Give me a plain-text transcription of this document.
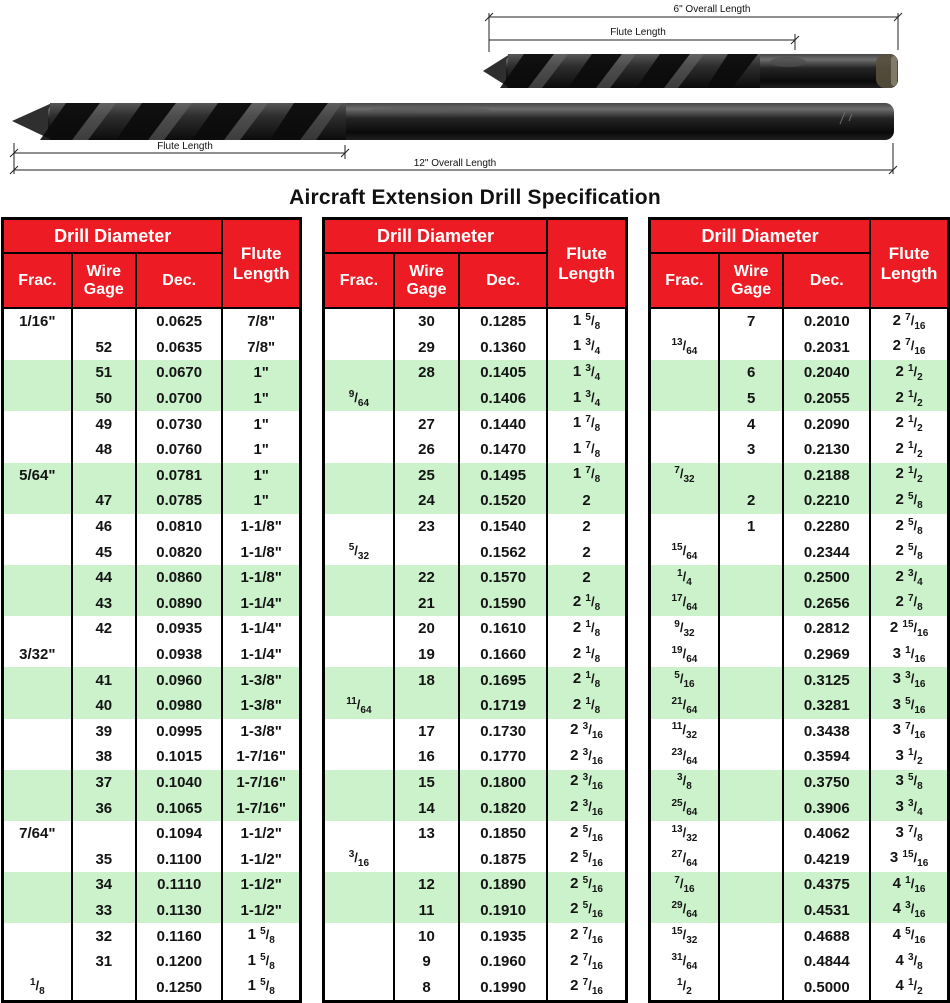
6" Overall Length
Flute Length
Flute Length
12" Overall Length
Aircraft Extension Drill Specification
Drill Diameter			Flute Length
Frac.	Wire Gage	Dec.	
1/16"		0.0625	7/8"
	52	0.0635	7/8"
	51	0.0670	1"
	50	0.0700	1"
	49	0.0730	1"
	48	0.0760	1"
5/64"		0.0781	1"
	47	0.0785	1"
	46	0.0810	1-1/8"
	45	0.0820	1-1/8"
	44	0.0860	1-1/8"
	43	0.0890	1-1/4"
	42	0.0935	1-1/4"
3/32"		0.0938	1-1/4"
	41	0.0960	1-3/8"
	40	0.0980	1-3/8"
	39	0.0995	1-3/8"
	38	0.1015	1-7/16"
	37	0.1040	1-7/16"
	36	0.1065	1-7/16"
7/64"		0.1094	1-1/2"
	35	0.1100	1-1/2"
	34	0.1110	1-1/2"
	33	0.1130	1-1/2"
	32	0.1160	1 $^5/_8$
	31	0.1200	1 $^5/_8$
$^1/_8$		0.1250	1 $^5/_8$
Drill Diameter			Flute Length
Frac.	Wire Gage	Dec.	
	30	0.1285	1 $^5/_8$
	29	0.1360	1 $^3/_4$
	28	0.1405	1 $^3/_4$
$^9/_{64}$		0.1406	1 $^3/_4$
	27	0.1440	1 $^7/_8$
	26	0.1470	1 $^7/_8$
	25	0.1495	1 $^7/_8$
	24	0.1520	2
	23	0.1540	2
$^5/_{32}$		0.1562	2
	22	0.1570	2
	21	0.1590	2 $^1/_8$
	20	0.1610	2 $^1/_8$
	19	0.1660	2 $^1/_8$
	18	0.1695	2 $^1/_8$
$^{11}/_{64}$		0.1719	2 $^1/_8$
	17	0.1730	2 $^3/_{16}$
	16	0.1770	2 $^3/_{16}$
	15	0.1800	2 $^3/_{16}$
	14	0.1820	2 $^3/_{16}$
	13	0.1850	2 $^5/_{16}$
$^3/_{16}$		0.1875	2 $^5/_{16}$
	12	0.1890	2 $^5/_{16}$
	11	0.1910	2 $^5/_{16}$
	10	0.1935	2 $^7/_{16}$
	9	0.1960	2 $^7/_{16}$
	8	0.1990	2 $^7/_{16}$
Drill Diameter			Flute Length
Frac.	Wire Gage	Dec.	
	7	0.2010	2 $^7/_{16}$
$^{13}/_{64}$		0.2031	2 $^7/_{16}$
	6	0.2040	2 $^1/_2$
	5	0.2055	2 $^1/_2$
	4	0.2090	2 $^1/_2$
	3	0.2130	2 $^1/_2$
$^7/_{32}$		0.2188	2 $^1/_2$
	2	0.2210	2 $^5/_8$
	1	0.2280	2 $^5/_8$
$^{15}/_{64}$		0.2344	2 $^5/_8$
$^1/_4$		0.2500	2 $^3/_4$
$^{17}/_{64}$		0.2656	2 $^7/_8$
$^9/_{32}$		0.2812	2 $^{15}/_{16}$
$^{19}/_{64}$		0.2969	3 $^1/_{16}$
$^5/_{16}$		0.3125	3 $^3/_{16}$
$^{21}/_{64}$		0.3281	3 $^5/_{16}$
$^{11}/_{32}$		0.3438	3 $^7/_{16}$
$^{23}/_{64}$		0.3594	3 $^1/_2$
$^3/_8$		0.3750	3 $^5/_8$
$^{25}/_{64}$		0.3906	3 $^3/_4$
$^{13}/_{32}$		0.4062	3 $^7/_8$
$^{27}/_{64}$		0.4219	3 $^{15}/_{16}$
$^7/_{16}$		0.4375	4 $^1/_{16}$
$^{29}/_{64}$		0.4531	4 $^3/_{16}$
$^{15}/_{32}$		0.4688	4 $^5/_{16}$
$^{31}/_{64}$		0.4844	4 $^3/_8$
$^1/_2$		0.5000	4 $^1/_2$
